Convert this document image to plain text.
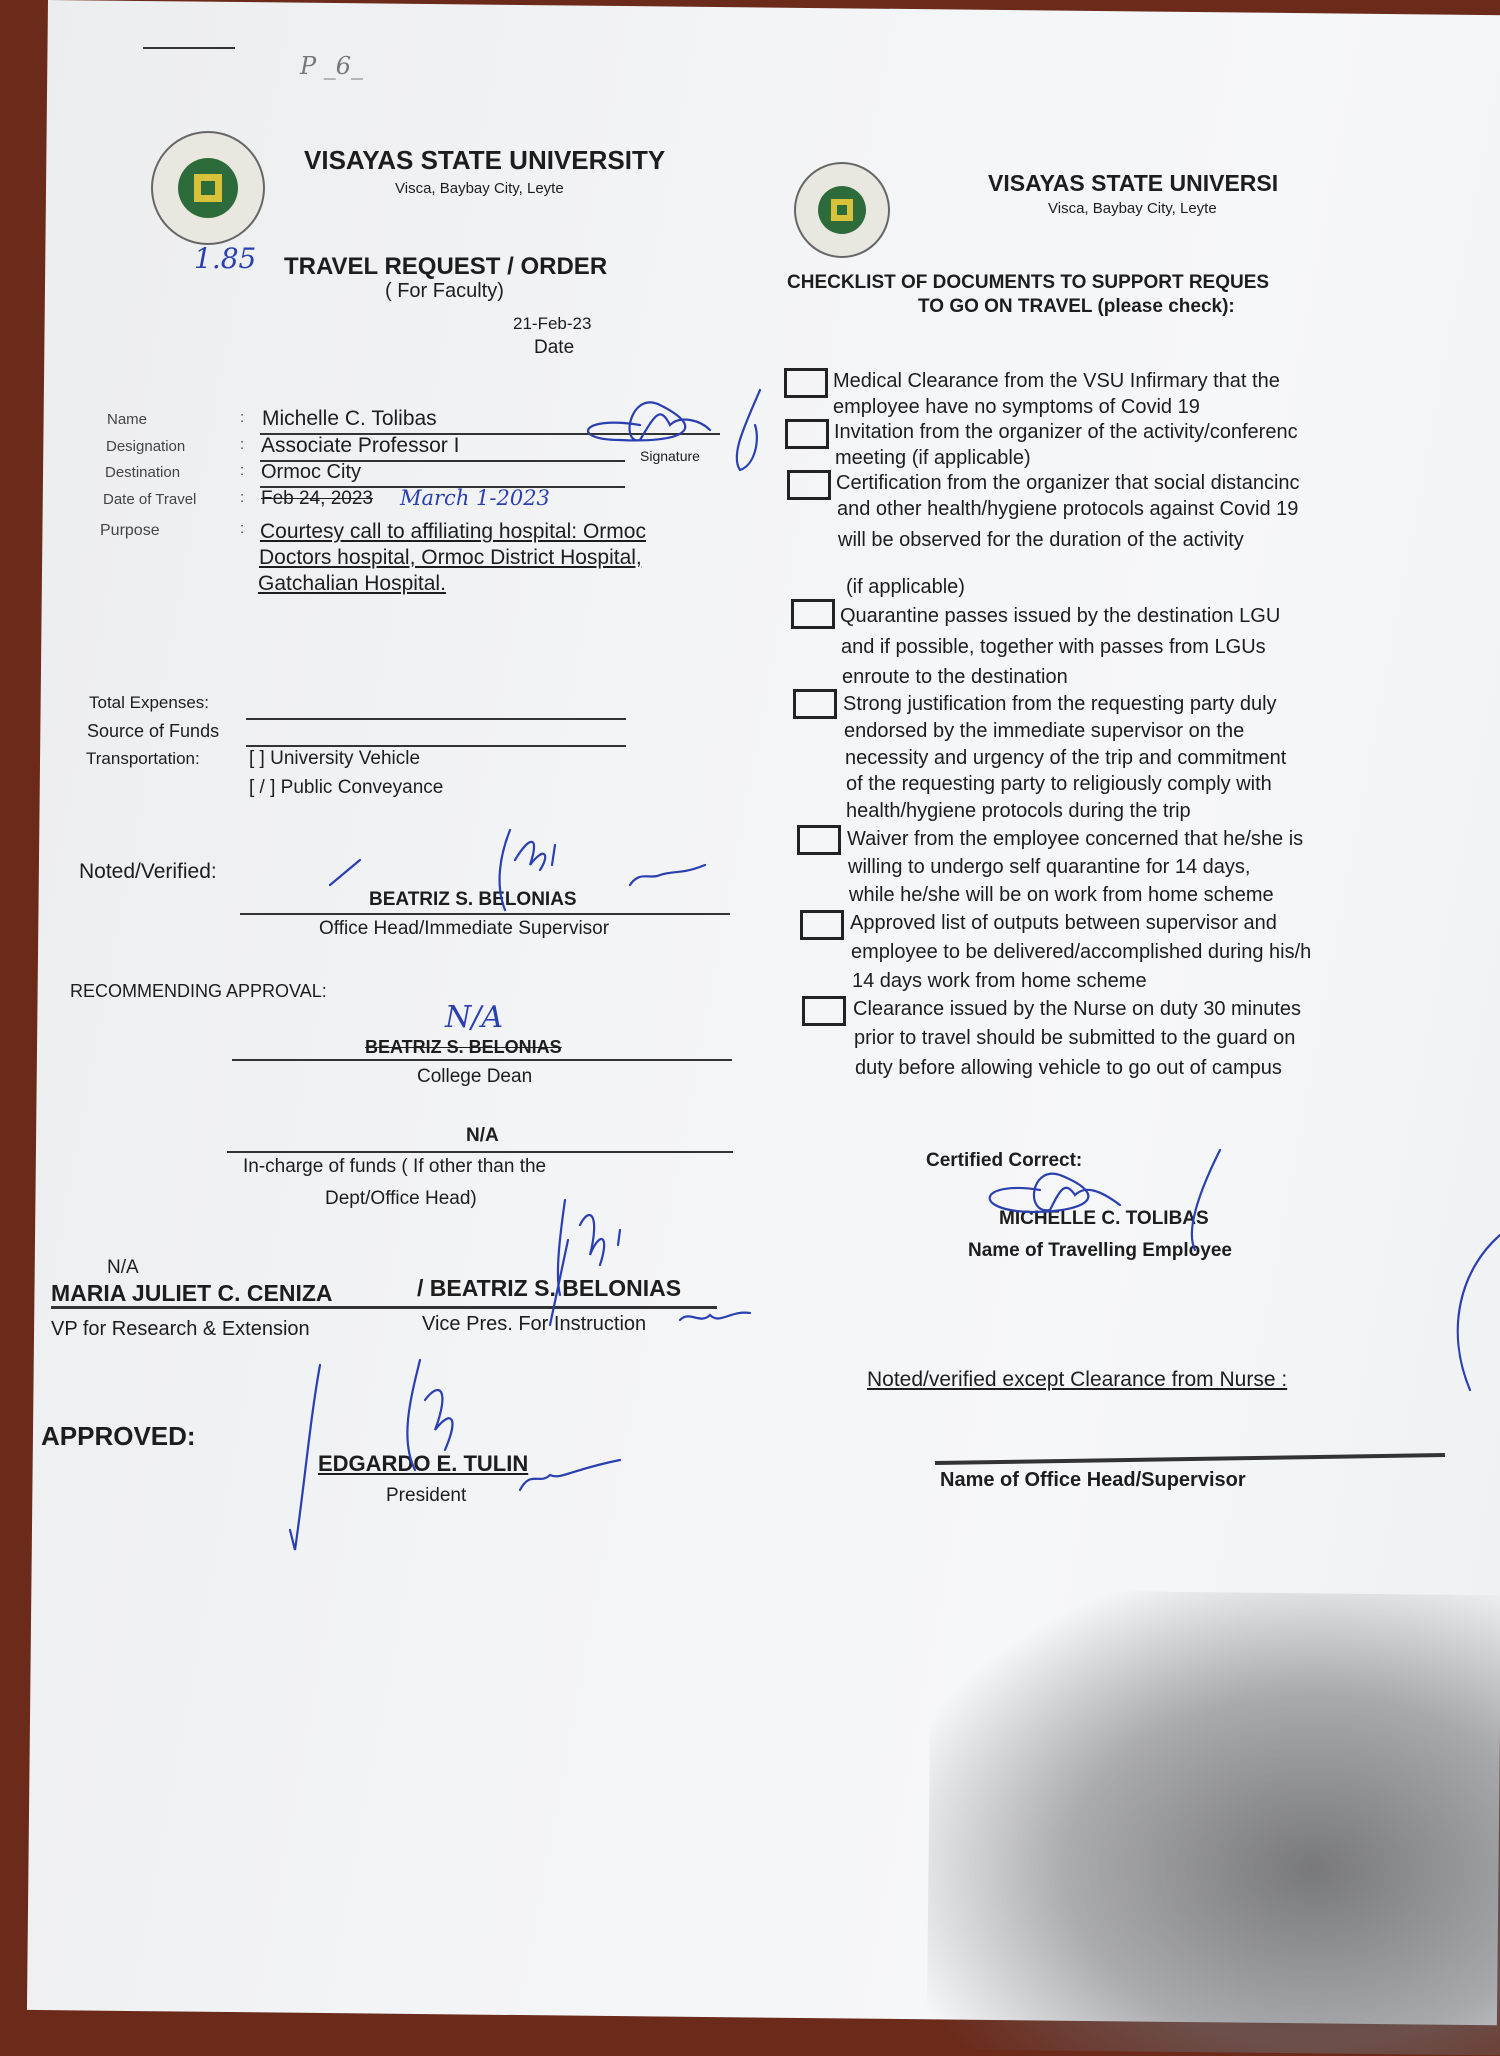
P _6_
VISAYAS STATE UNIVERSITY
Visca, Baybay City, Leyte
1.85 TRAVEL REQUEST / ORDER
( For Faculty)
21-Feb-23
Date
Name	: Michelle C. Tolibas
Designation	: Associate Professor I	Signature
Destination	: Ormoc City
Date of Travel	: Feb 24, 2023 March 1-2023
Purpose	: Courtesy call to affiliating hospital: Ormoc
Doctors hospital, Ormoc District Hospital,
Gatchalian Hospital.
Total Expenses:
Source of Funds
Transportation:	[ ] University Vehicle
[ / ] Public Conveyance
Noted/Verified:
BEATRIZ S. BELONIAS
Office Head/Immediate Supervisor
RECOMMENDING APPROVAL:
BEATRIZ S. BELONIAS
N/A
College Dean
N/A
In-charge of funds ( If other than the
Dept/Office Head)
N/A
MARIA JULIET C. CENIZA	/ BEATRIZ S. BELONIAS
VP for Research & Extension	Vice Pres. For Instruction
APPROVED:
EDGARDO E. TULIN
President
VISAYAS STATE UNIVERSI
Visca, Baybay City, Leyte
CHECKLIST OF DOCUMENTS TO SUPPORT REQUES
TO GO ON TRAVEL (please check):
Medical Clearance from the VSU Infirmary that the
employee have no symptoms of Covid 19
Invitation from the organizer of the activity/conferenc
meeting (if applicable)
Certification from the organizer that social distancinc
and other health/hygiene protocols against Covid 19
will be observed for the duration of the activity
(if applicable)
Quarantine passes issued by the destination LGU
and if possible, together with passes from LGUs
enroute to the destination
Strong justification from the requesting party duly
endorsed by the immediate supervisor on the
necessity and urgency of the trip and commitment
of the requesting party to religiously comply with
health/hygiene protocols during the trip
Waiver from the employee concerned that he/she is
willing to undergo self quarantine for 14 days,
while he/she will be on work from home scheme
Approved list of outputs between supervisor and
employee to be delivered/accomplished during his/h
14 days work from home scheme
Clearance issued by the Nurse on duty 30 minutes
prior to travel should be submitted to the guard on
duty before allowing vehicle to go out of campus
Certified Correct:
MICHELLE C. TOLIBAS
Name of Travelling Employee
Noted/verified except Clearance from Nurse :
Name of Office Head/Supervisor
